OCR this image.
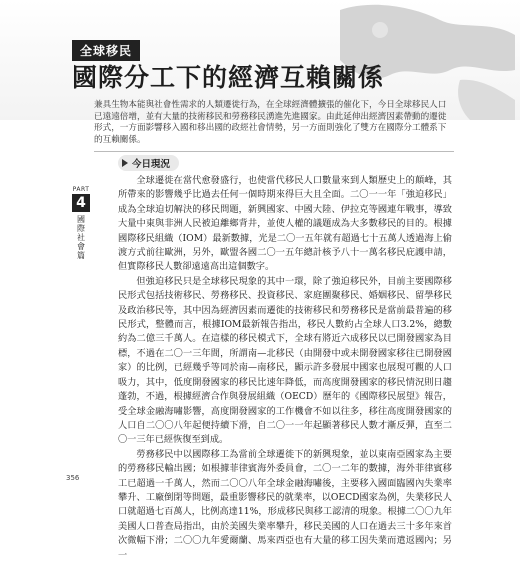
全球移民
國際分工下的經濟互賴關係

兼具生物本能與社會性需求的人類遷徙行為，在全球經濟體擴張的催化下，今日全球移民人口已遠遠倍增，並有大量的技術移民和勞務移民湧進先進國家。由此延伸出經濟因素帶動的遷徙形式，一方面影響移入國和移出國的政經社會情勢，另一方面則強化了雙方在國際分工體系下的互賴關係。

今日現況
PART
4
國際社會篇

全球遷徙在當代愈發盛行，也使當代移民人口數量來到人類歷史上的顛峰，其所帶來的影響幾乎比過去任何一個時期來得巨大且全面。二〇一一年「強迫移民」成為全球迫切解決的移民問題，新興國家、中國大陸、伊拉克等國連年戰事，導致大量中東與非洲人民被迫離鄉背井，並使人權的議題成為大多數移民的目的。根據國際移民組織（IOM）最新數據，光是二〇一五年就有超過七十五萬人透過海上偷渡方式前往歐洲，另外，歐盟各國二〇一五年總計核予八十一萬名移民庇護申請，但實際移民人數卻遠遠高出這個數字。

但強迫移民只是全球移民現象的其中一環，除了強迫移民外，目前主要國際移民形式包括技術移民、勞務移民、投資移民、家庭團聚移民、婚姻移民、留學移民及政治移民等，其中因為經濟因素而遷徙的技術移民和勞務移民是當前最普遍的移民形式，整體而言，根據IOM最新報告指出，移民人數約占全球人口3.2%，總數約為二億三千萬人。在這樣的移民模式下，全球有將近六成移民以已開發國家為目標，不過在二〇一三年間，所謂南—北移民（由開發中或未開發國家移往已開發國家）的比例，已經幾乎等同於南—南移民，顯示許多發展中國家也展現可觀的人口吸力，其中，低度開發國家的移民比速年降低，而高度開發國家的移民情況則日趨蓬勃，不過，根據經濟合作與發展組織（OECD）歷年的《國際移民展望》報告，受全球金融海嘯影響，高度開發國家的工作機會不如以往多，移往高度開發國家的人口自二〇〇八年起便持續下滑，自二〇一一年起顯著移民人數才漸反彈，直至二〇一三年已經恢復至到成。

勞務移民中以國際移工為當前全球遷徙下的新興現象，並以東南亞國家為主要的勞務移民輸出國；如根據菲律賓海外委員會，二〇一二年的數據，海外菲律賓移工已超過一千萬人，然而二〇〇八年全球金融海嘯後，主要移入國面臨國內失業率攀升、工廠倒閉等問題，最重影響移民的就業率，以OECD國家為例，失業移民人口就超過七百萬人，比例高達11%，形成移民與移工認清的現象。根據二〇〇九年美國人口普查局指出，由於美國失業率攀升，移民美國的人口在過去三十多年來首次微幅下滑；二〇〇九年愛爾蘭、馬來西亞也有大量的移工因失業而遣返國內；另一

356
